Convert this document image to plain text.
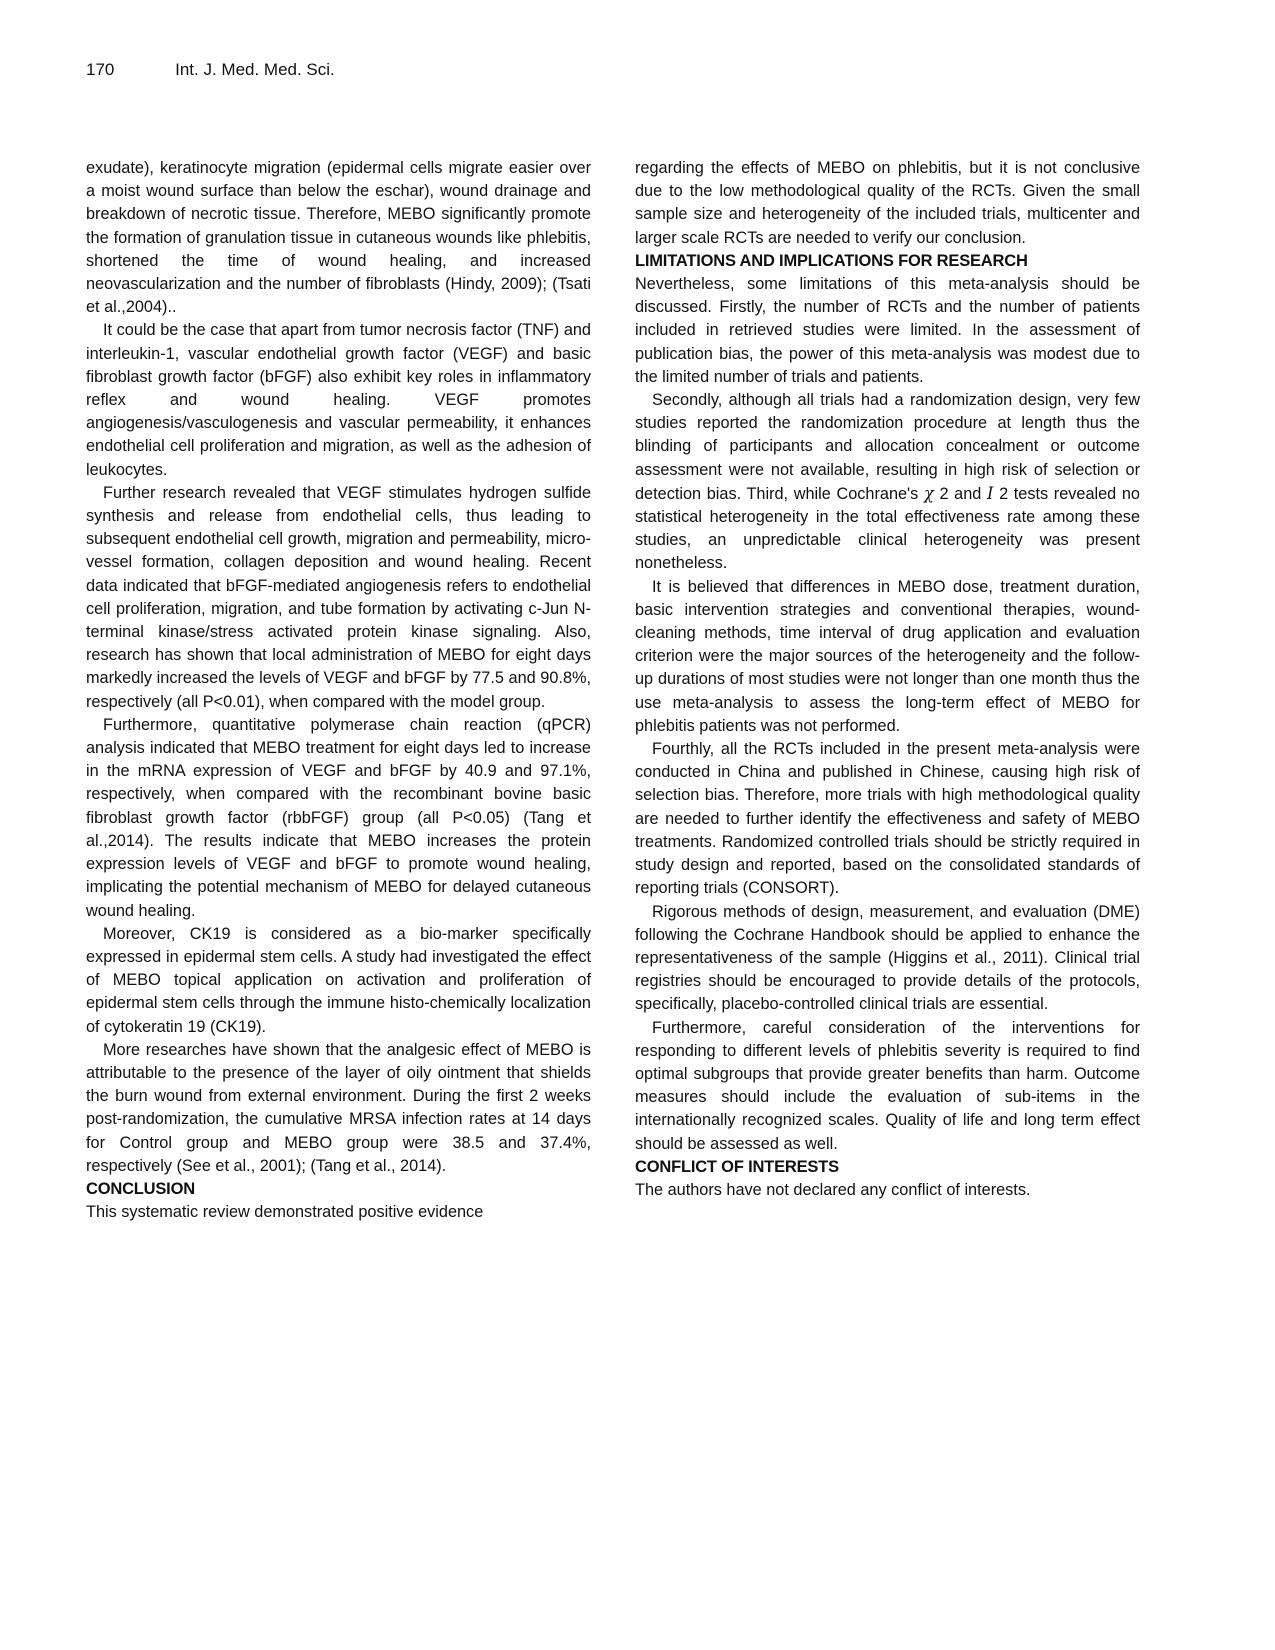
170	Int. J. Med. Med. Sci.

exudate), keratinocyte migration (epidermal cells migrate easier over a moist wound surface than below the eschar), wound drainage and breakdown of necrotic tissue. Therefore, MEBO significantly promote the formation of granulation tissue in cutaneous wounds like phlebitis, shortened the time of wound healing, and increased neovascularization and the number of fibroblasts (Hindy, 2009); (Tsati et al.,2004)..

It could be the case that apart from tumor necrosis factor (TNF) and interleukin-1, vascular endothelial growth factor (VEGF) and basic fibroblast growth factor (bFGF) also exhibit key roles in inflammatory reflex and wound healing. VEGF promotes angiogenesis/vasculogenesis and vascular permeability, it enhances endothelial cell proliferation and migration, as well as the adhesion of leukocytes.

Further research revealed that VEGF stimulates hydrogen sulfide synthesis and release from endothelial cells, thus leading to subsequent endothelial cell growth, migration and permeability, micro-vessel formation, collagen deposition and wound healing. Recent data indicated that bFGF-mediated angiogenesis refers to endothelial cell proliferation, migration, and tube formation by activating c-Jun N-terminal kinase/stress activated protein kinase signaling. Also, research has shown that local administration of MEBO for eight days markedly increased the levels of VEGF and bFGF by 77.5 and 90.8%, respectively (all P<0.01), when compared with the model group.

Furthermore, quantitative polymerase chain reaction (qPCR) analysis indicated that MEBO treatment for eight days led to increase in the mRNA expression of VEGF and bFGF by 40.9 and 97.1%, respectively, when compared with the recombinant bovine basic fibroblast growth factor (rbbFGF) group (all P<0.05) (Tang et al.,2014). The results indicate that MEBO increases the protein expression levels of VEGF and bFGF to promote wound healing, implicating the potential mechanism of MEBO for delayed cutaneous wound healing.

Moreover, CK19 is considered as a bio-marker specifically expressed in epidermal stem cells. A study had investigated the effect of MEBO topical application on activation and proliferation of epidermal stem cells through the immune histo-chemically localization of cytokeratin 19 (CK19).

More researches have shown that the analgesic effect of MEBO is attributable to the presence of the layer of oily ointment that shields the burn wound from external environment. During the first 2 weeks post-randomization, the cumulative MRSA infection rates at 14 days for Control group and MEBO group were 38.5 and 37.4%, respectively (See et al., 2001); (Tang et al., 2014).

CONCLUSION

This systematic review demonstrated positive evidence

regarding the effects of MEBO on phlebitis, but it is not conclusive due to the low methodological quality of the RCTs. Given the small sample size and heterogeneity of the included trials, multicenter and larger scale RCTs are needed to verify our conclusion.

LIMITATIONS AND IMPLICATIONS FOR RESEARCH

Nevertheless, some limitations of this meta-analysis should be discussed. Firstly, the number of RCTs and the number of patients included in retrieved studies were limited. In the assessment of publication bias, the power of this meta-analysis was modest due to the limited number of trials and patients.

Secondly, although all trials had a randomization design, very few studies reported the randomization procedure at length thus the blinding of participants and allocation concealment or outcome assessment were not available, resulting in high risk of selection or detection bias. Third, while Cochrane's χ 2 and I 2 tests revealed no statistical heterogeneity in the total effectiveness rate among these studies, an unpredictable clinical heterogeneity was present nonetheless.

It is believed that differences in MEBO dose, treatment duration, basic intervention strategies and conventional therapies, wound-cleaning methods, time interval of drug application and evaluation criterion were the major sources of the heterogeneity and the follow-up durations of most studies were not longer than one month thus the use meta-analysis to assess the long-term effect of MEBO for phlebitis patients was not performed.

Fourthly, all the RCTs included in the present meta-analysis were conducted in China and published in Chinese, causing high risk of selection bias. Therefore, more trials with high methodological quality are needed to further identify the effectiveness and safety of MEBO treatments. Randomized controlled trials should be strictly required in study design and reported, based on the consolidated standards of reporting trials (CONSORT).

Rigorous methods of design, measurement, and evaluation (DME) following the Cochrane Handbook should be applied to enhance the representativeness of the sample (Higgins et al., 2011). Clinical trial registries should be encouraged to provide details of the protocols, specifically, placebo-controlled clinical trials are essential.

Furthermore, careful consideration of the interventions for responding to different levels of phlebitis severity is required to find optimal subgroups that provide greater benefits than harm. Outcome measures should include the evaluation of sub-items in the internationally recognized scales. Quality of life and long term effect should be assessed as well.

CONFLICT OF INTERESTS

The authors have not declared any conflict of interests.
